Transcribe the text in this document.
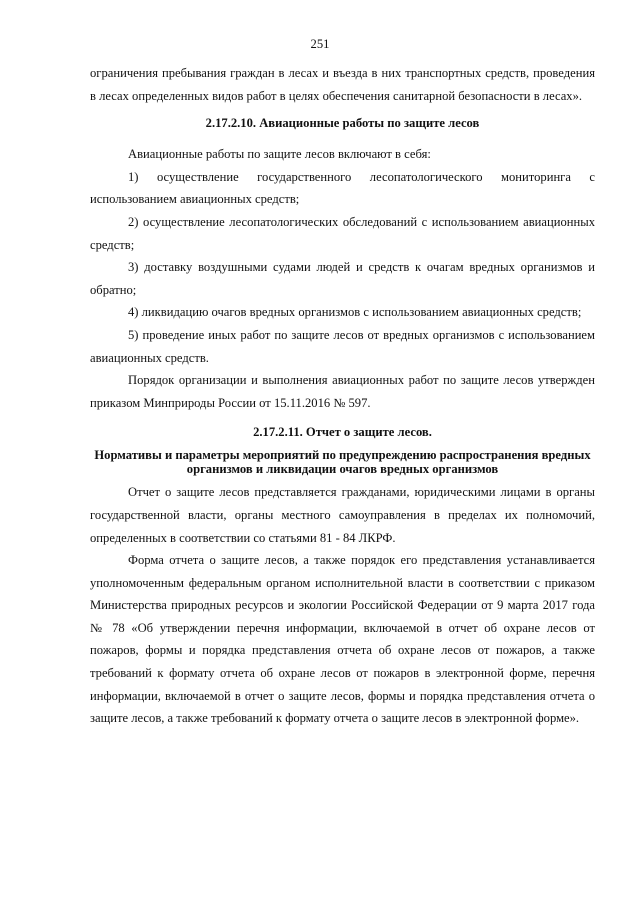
251

ограничения пребывания граждан в лесах и въезда в них транспортных средств, проведения в лесах определенных видов работ в целях обеспечения санитарной безопасности в лесах».

2.17.2.10. Авиационные работы по защите лесов

Авиационные работы по защите лесов включают в себя:

1) осуществление государственного лесопатологического мониторинга с использованием авиационных средств;

2) осуществление лесопатологических обследований с использованием авиационных средств;

3) доставку воздушными судами людей и средств к очагам вредных организмов и обратно;

4) ликвидацию очагов вредных организмов с использованием авиационных средств;

5) проведение иных работ по защите лесов от вредных организмов с использованием авиационных средств.

Порядок организации и выполнения авиационных работ по защите лесов утвержден приказом Минприроды России от 15.11.2016 № 597.

2.17.2.11. Отчет о защите лесов.
Нормативы и параметры мероприятий по предупреждению распространения вредных организмов и ликвидации очагов вредных организмов

Отчет о защите лесов представляется гражданами, юридическими лицами в органы государственной власти, органы местного самоуправления в пределах их полномочий, определенных в соответствии со статьями 81 - 84 ЛКРФ.

Форма отчета о защите лесов, а также порядок его представления устанавливается уполномоченным федеральным органом исполнительной власти в соответствии с приказом Министерства природных ресурсов и экологии Российской Федерации от 9 марта 2017 года № 78 «Об утверждении перечня информации, включаемой в отчет об охране лесов от пожаров, формы и порядка представления отчета об охране лесов от пожаров, а также требований к формату отчета об охране лесов от пожаров в электронной форме, перечня информации, включаемой в отчет о защите лесов, формы и порядка представления отчета о защите лесов, а также требований к формату отчета о защите лесов в электронной форме».
